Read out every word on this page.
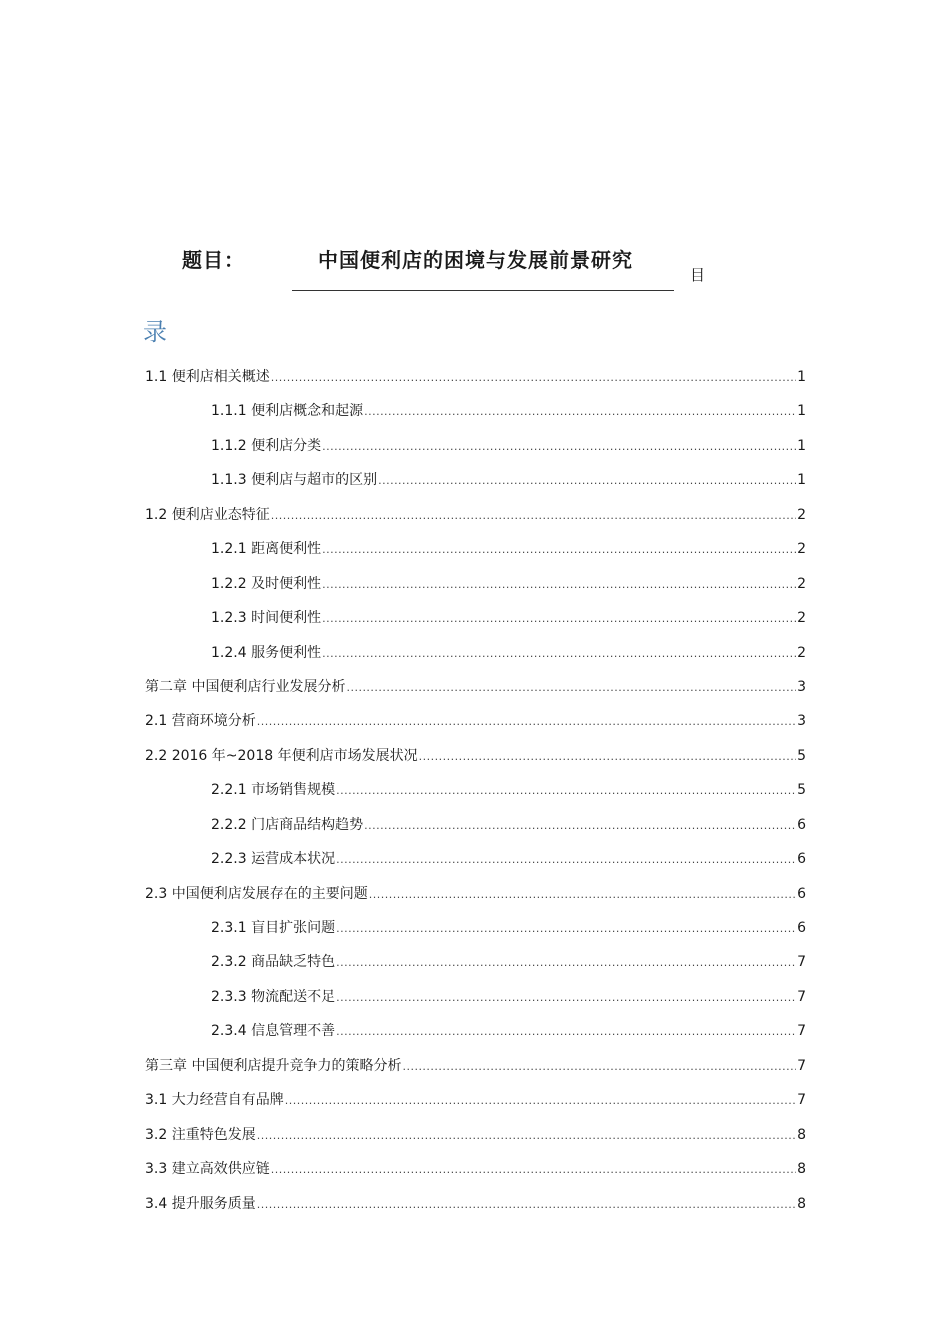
题目：	中国便利店的困境与发展前景研究
目
录
1.1 便利店相关概述 .....	1
1.1.1 便利店概念和起源 .....	1
1.1.2 便利店分类 .....	1
1.1.3 便利店与超市的区别 .....	1
1.2 便利店业态特征 .....	2
1.2.1 距离便利性 .....	2
1.2.2 及时便利性 .....	2
1.2.3 时间便利性 .....	2
1.2.4 服务便利性 .....	2
第二章 中国便利店行业发展分析 .....	3
2.1 营商环境分析 .....	3
2.2 2016 年~2018 年便利店市场发展状况 .....	5
2.2.1 市场销售规模 .....	5
2.2.2 门店商品结构趋势 .....	6
2.2.3 运营成本状况 .....	6
2.3 中国便利店发展存在的主要问题 .....	6
2.3.1 盲目扩张问题 .....	6
2.3.2 商品缺乏特色 .....	7
2.3.3 物流配送不足 .....	7
2.3.4 信息管理不善 .....	7
第三章 中国便利店提升竞争力的策略分析 .....	7
3.1 大力经营自有品牌 .....	7
3.2 注重特色发展 .....	8
3.3 建立高效供应链 .....	8
3.4 提升服务质量 .....	8
